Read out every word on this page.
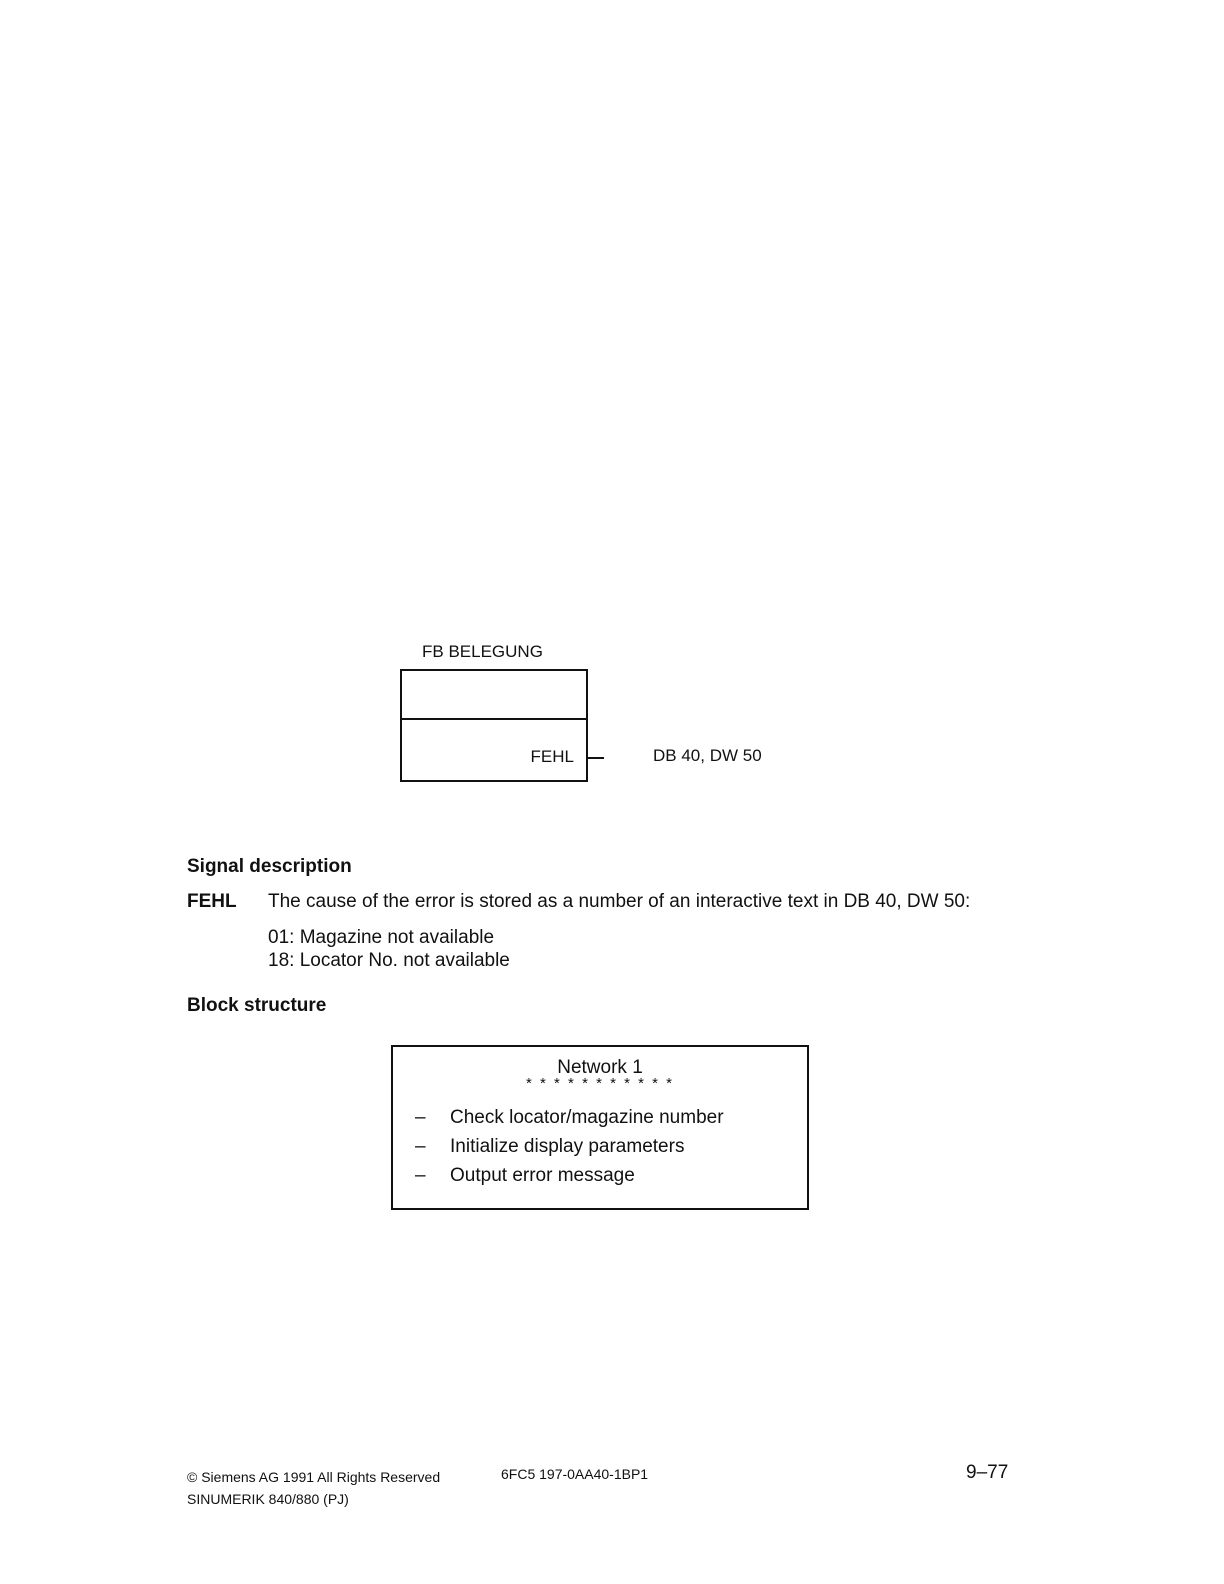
FB BELEGUNG
FEHL	DB 40, DW 50
Signal description
FEHL The cause of the error is stored as a number of an interactive text in DB 40, DW 50:
01: Magazine not available
18: Locator No. not available
Block structure
Network 1
* * * * * * * * * * *
– Check locator/magazine number
– Initialize display parameters
– Output error message
© Siemens AG 1991 All Rights Reserved
SINUMERIK 840/880 (PJ)
6FC5 197-0AA40-1BP1	9–77
